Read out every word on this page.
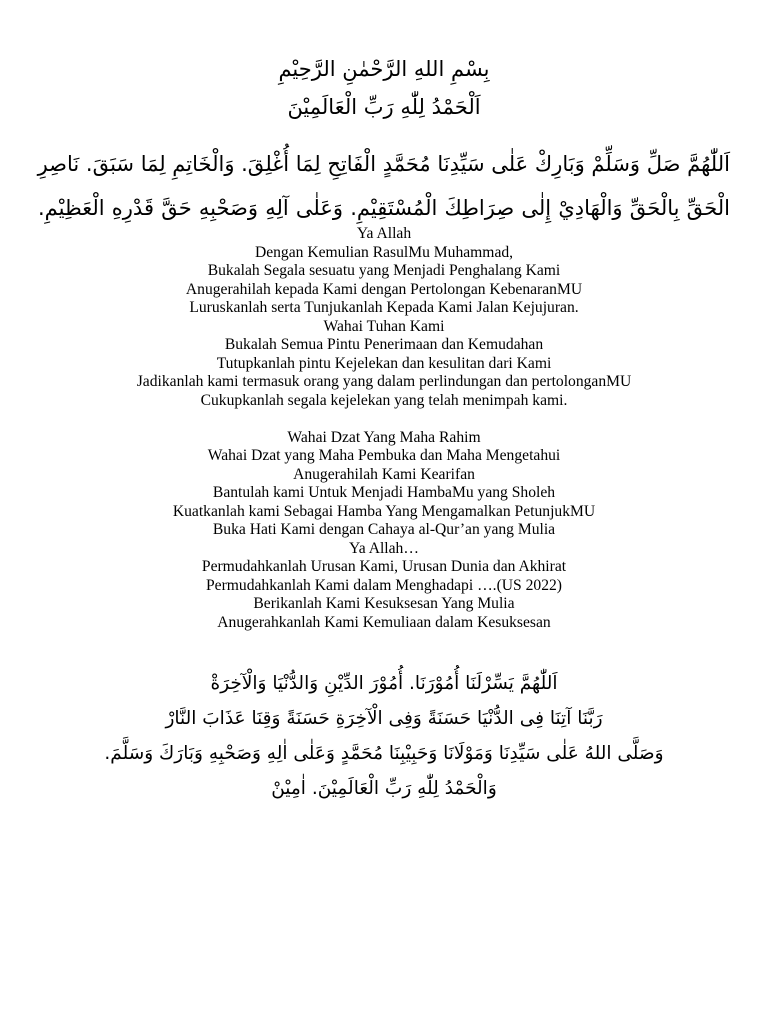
بِسْمِ اللهِ الرَّحْمٰنِ الرَّحِيْمِ
اَلْحَمْدُ لِلّٰهِ رَبِّ الْعَالَمِيْنَ
اَللّٰهُمَّ صَلِّ وَسَلِّمْ وَبَارِكْ عَلٰى سَيِّدِنَا مُحَمَّدٍ الْفَاتِحِ لِمَا أُغْلِقَ. وَالْخَاتِمِ لِمَا سَبَقَ. نَاصِرِ
الْحَقِّ بِالْحَقِّ وَالْهَادِيْ إِلٰى صِرَاطِكَ الْمُسْتَقِيْمِ. وَعَلٰى آلِهِ وَصَحْبِهِ حَقَّ قَدْرِهِ الْعَظِيْمِ.
Ya Allah
Dengan Kemulian RasulMu Muhammad,
Bukalah Segala sesuatu yang Menjadi Penghalang Kami
Anugerahilah kepada Kami dengan Pertolongan KebenaranMU
Luruskanlah serta Tunjukanlah Kepada Kami Jalan Kejujuran.
Wahai Tuhan Kami
Bukalah Semua Pintu Penerimaan dan Kemudahan
Tutupkanlah pintu Kejelekan dan kesulitan dari Kami
Jadikanlah kami termasuk orang yang dalam perlindungan dan pertolonganMU
Cukupkanlah segala kejelekan yang telah menimpah kami.
Wahai Dzat Yang Maha Rahim
Wahai Dzat yang Maha Pembuka dan Maha Mengetahui
Anugerahilah Kami Kearifan
Bantulah kami Untuk Menjadi HambaMu yang Sholeh
Kuatkanlah kami Sebagai Hamba Yang Mengamalkan PetunjukMU
Buka Hati Kami dengan Cahaya al-Qur’an yang Mulia
Ya Allah…
Permudahkanlah Urusan Kami, Urusan Dunia dan Akhirat
Permudahkanlah Kami dalam Menghadapi ….(US 2022)
Berikanlah Kami Kesuksesan Yang Mulia
Anugerahkanlah Kami Kemuliaan dalam Kesuksesan
اَللّٰهُمَّ يَسِّرْلَنَا أُمُوْرَنَا. أُمُوْرَ الدِّيْنِ وَالدُّنْيَا وَالْآخِرَةْ
رَبَّنَا آتِنَا فِى الدُّنْيَا حَسَنَةً وَفِى الْآخِرَةِ حَسَنَةً وَقِنَا عَذَابَ النَّارْ
وَصَلَّى اللهُ عَلٰى سَيِّدِنَا وَمَوْلَانَا وَحَبِيْبِنَا مُحَمَّدٍ وَعَلٰى اٰلِهِ وَصَحْبِهِ وَبَارَكَ وَسَلَّمَ.
وَالْحَمْدُ لِلّٰهِ رَبِّ الْعَالَمِيْنَ. اٰمِيْنْ
